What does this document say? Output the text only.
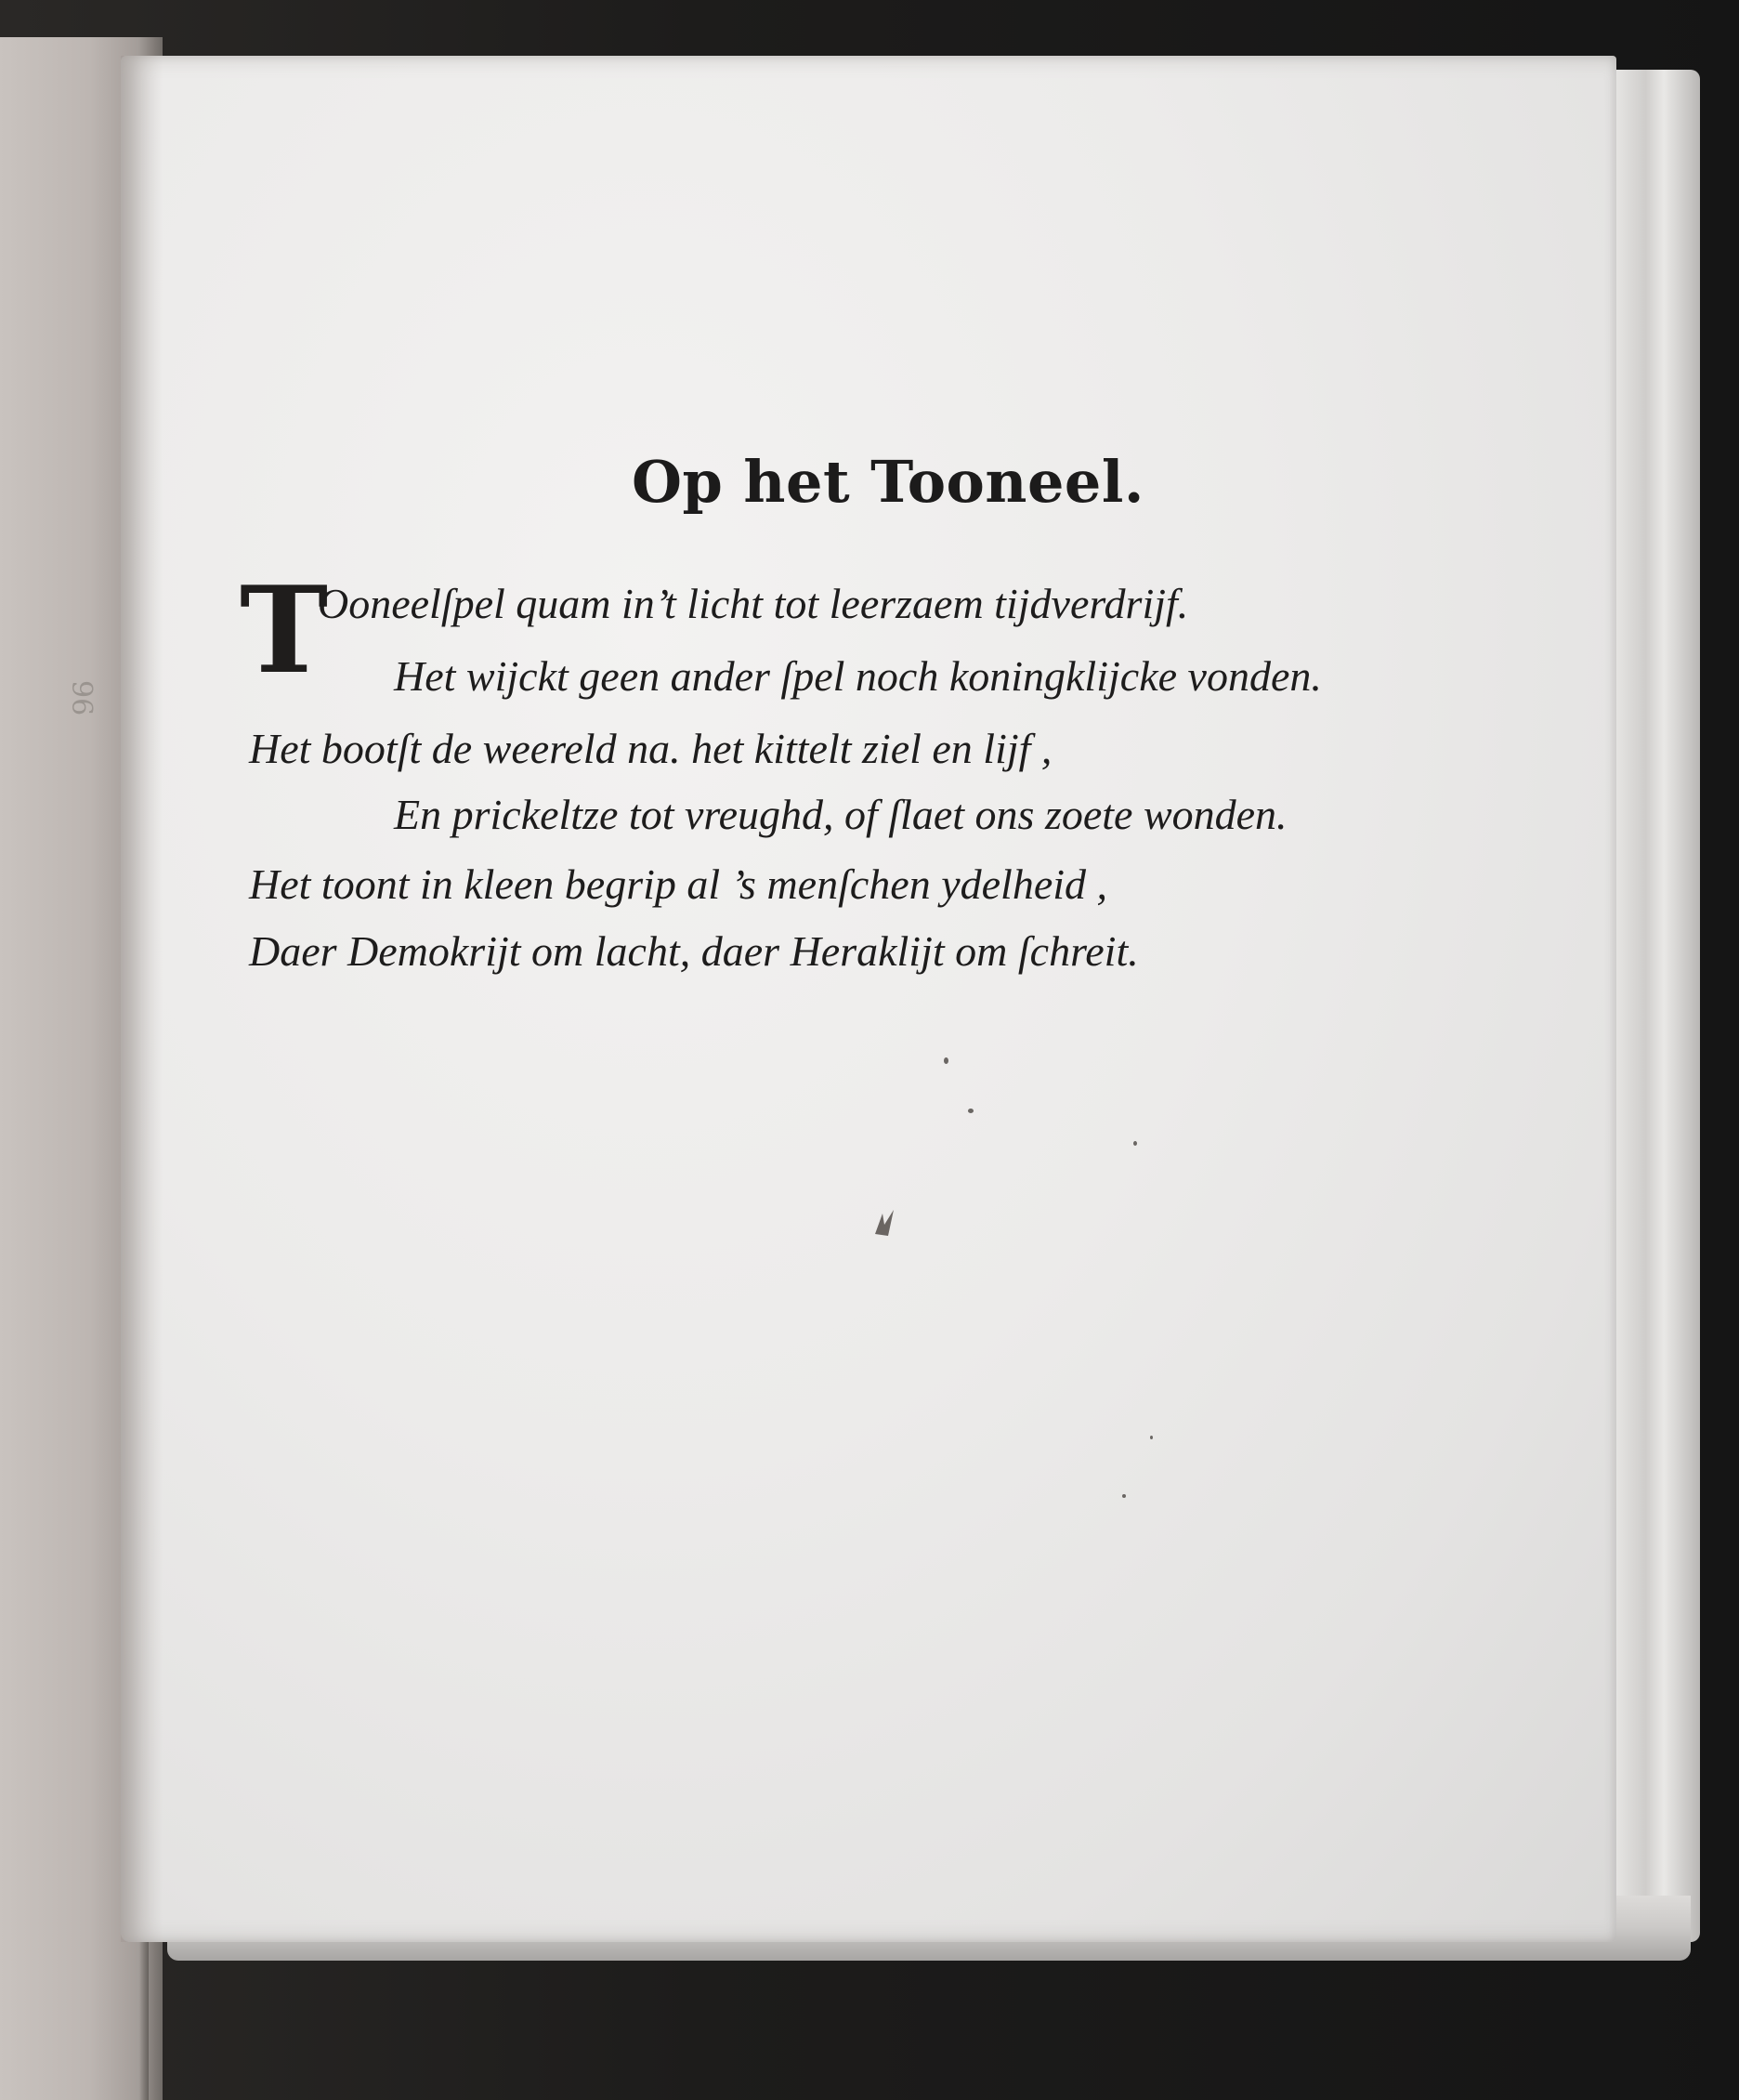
96
Op het Tooneel.
T
Ooneelſpel quam in’t licht tot leerzaem tijdverdrijf.
Het wijckt geen ander ſpel noch koningklijcke vonden.
Het bootſt de weereld na. het kittelt ziel en lijf ,
En prickeltze tot vreughd, of ſlaet ons zoete wonden.
Het toont in kleen begrip al ’s menſchen ydelheid ,
Daer Demokrijt om lacht, daer Heraklijt om ſchreit.
